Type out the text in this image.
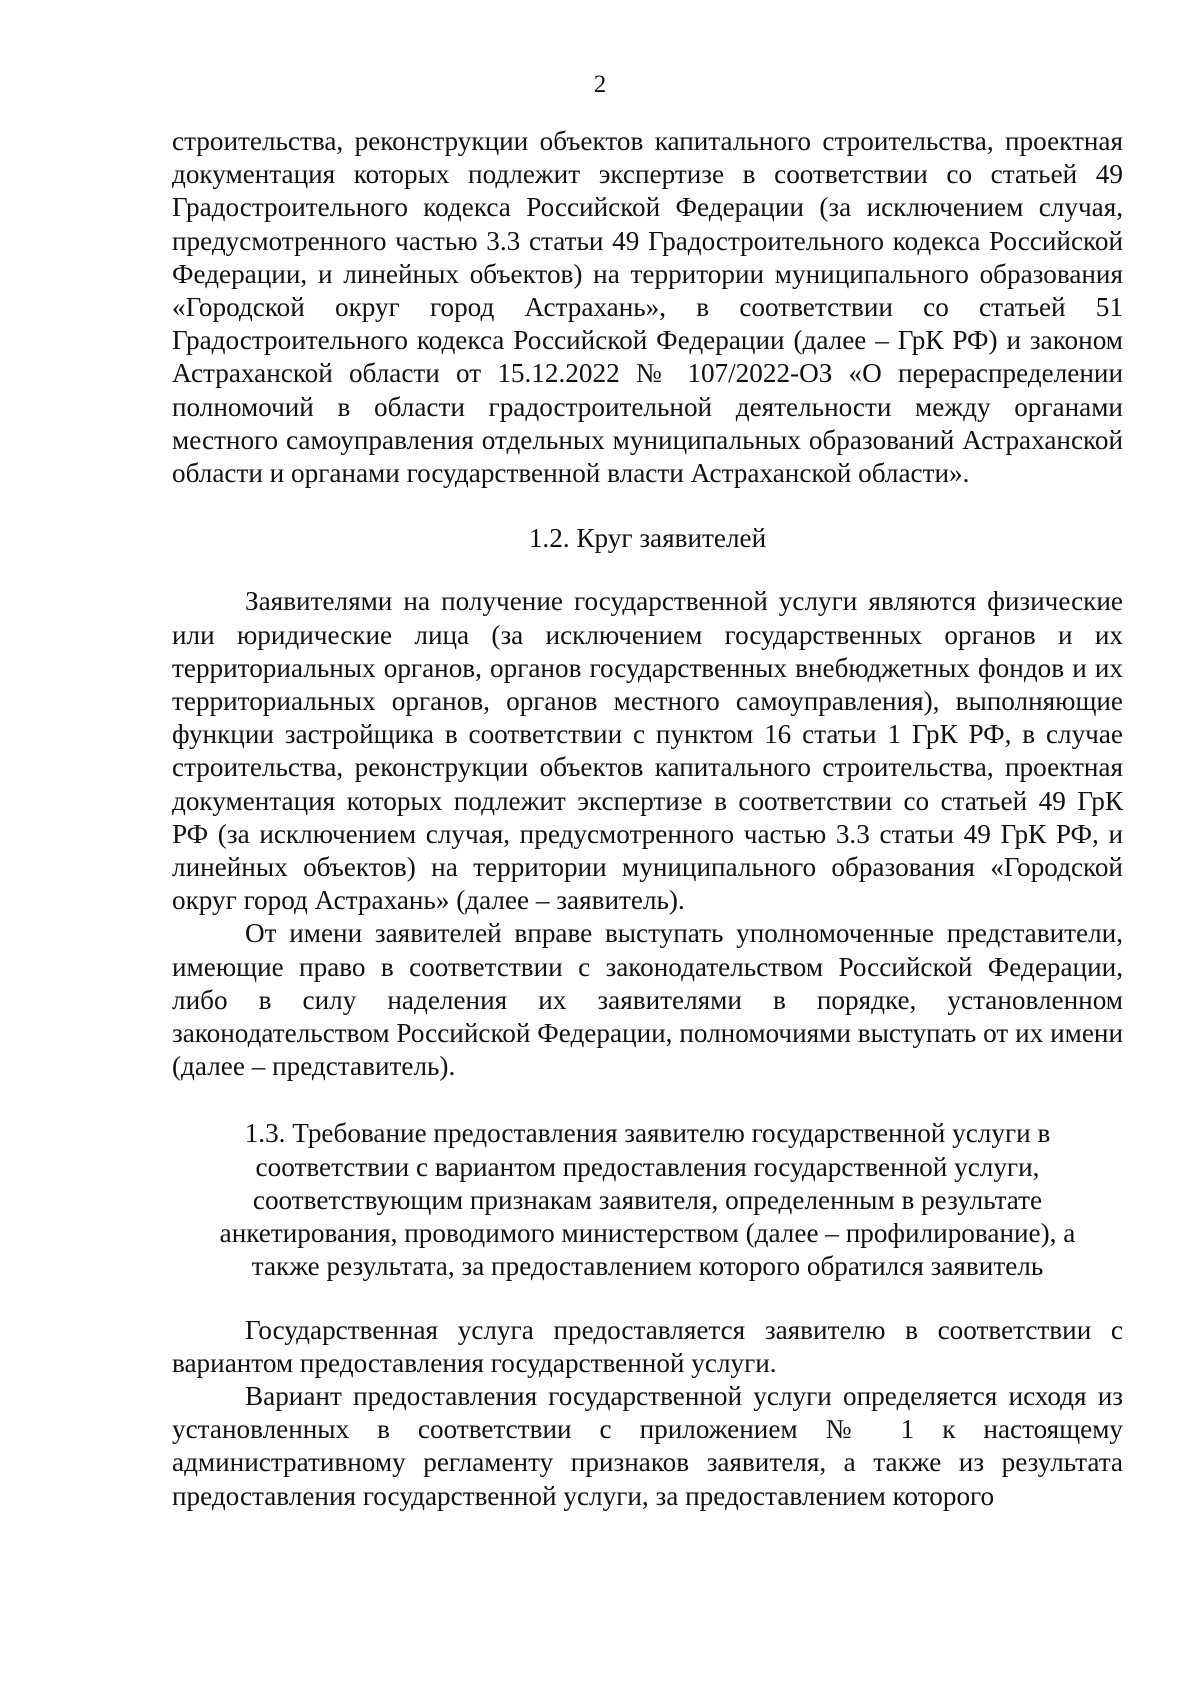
2

строительства, реконструкции объектов капитального строительства, проектная документация которых подлежит экспертизе в соответствии со статьей 49 Градостроительного кодекса Российской Федерации (за исключением случая, предусмотренного частью 3.3 статьи 49 Градостроительного кодекса Российской Федерации, и линейных объектов) на территории муниципального образования «Городской округ город Астрахань», в соответствии со статьей 51 Градостроительного кодекса Российской Федерации (далее – ГрК РФ) и законом Астраханской области от 15.12.2022 № 107/2022-ОЗ «О перераспределении полномочий в области градостроительной деятельности между органами местного самоуправления отдельных муниципальных образований Астраханской области и органами государственной власти Астраханской области».

1.2. Круг заявителей

Заявителями на получение государственной услуги являются физические или юридические лица (за исключением государственных органов и их территориальных органов, органов государственных внебюджетных фондов и их территориальных органов, органов местного самоуправления), выполняющие функции застройщика в соответствии с пунктом 16 статьи 1 ГрК РФ, в случае строительства, реконструкции объектов капитального строительства, проектная документация которых подлежит экспертизе в соответствии со статьей 49 ГрК РФ (за исключением случая, предусмотренного частью 3.3 статьи 49 ГрК РФ, и линейных объектов) на территории муниципального образования «Городской округ город Астрахань» (далее – заявитель).

От имени заявителей вправе выступать уполномоченные представители, имеющие право в соответствии с законодательством Российской Федерации, либо в силу наделения их заявителями в порядке, установленном законодательством Российской Федерации, полномочиями выступать от их имени (далее – представитель).

1.3. Требование предоставления заявителю государственной услуги в
соответствии с вариантом предоставления государственной услуги,
соответствующим признакам заявителя, определенным в результате
анкетирования, проводимого министерством (далее – профилирование), а
также результата, за предоставлением которого обратился заявитель

Государственная услуга предоставляется заявителю в соответствии с вариантом предоставления государственной услуги.

Вариант предоставления государственной услуги определяется исходя из установленных в соответствии с приложением № 1 к настоящему административному регламенту признаков заявителя, а также из результата предоставления государственной услуги, за предоставлением которого
